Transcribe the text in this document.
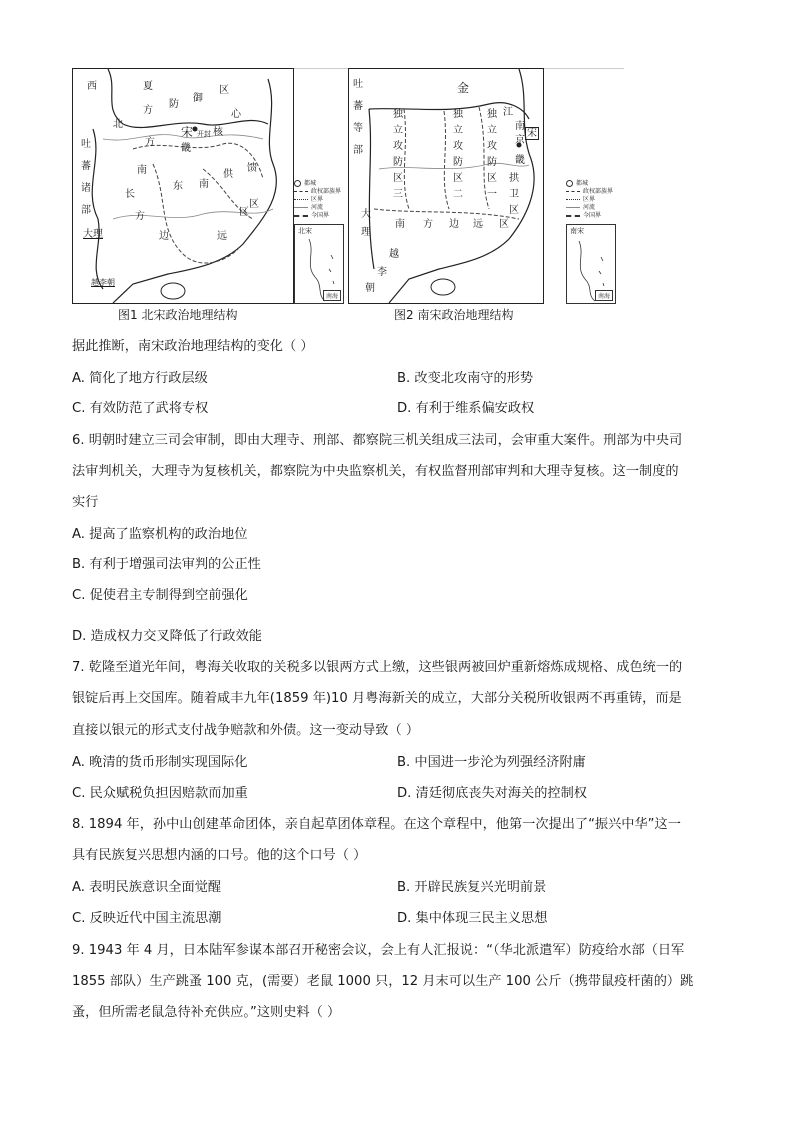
西	夏
方
防
御
区
北
宋 开封 核
心
方
畿
吐
蕃
诸
部
南
东 南
供
馈
区
长
方
边	远
区
大理
越李朝
都城
政权部族界
区界
河流
今国界
北宋
南海
图1 北宋政治地理结构
吐
蕃
等
部
金
独
立
攻
防
区
三
独
立
攻
防
区
二
独
立
攻
防
区
一
江
南
京
畿
拱
卫
区
宋
大
理
南 方 边 远 区
越
李
朝
都城
政权部族界
区界
河流
今国界
南宋
南海
图2 南宋政治地理结构
据此推断，南宋政治地理结构的变化（ ）
A. 简化了地方行政层级	B. 改变北攻南守的形势
C. 有效防范了武将专权	D. 有利于维系偏安政权
6. 明朝时建立三司会审制，即由大理寺、刑部、都察院三机关组成三法司，会审重大案件。刑部为中央司
法审判机关，大理寺为复核机关，都察院为中央监察机关，有权监督刑部审判和大理寺复核。这一制度的
实行
A. 提高了监察机构的政治地位
B. 有利于增强司法审判的公正性
C. 促使君主专制得到空前强化
D. 造成权力交叉降低了行政效能
7. 乾隆至道光年间，粤海关收取的关税多以银两方式上缴，这些银两被回炉重新熔炼成规格、成色统一的
银锭后再上交国库。随着咸丰九年(1859 年)10 月粤海新关的成立，大部分关税所收银两不再重铸，而是
直接以银元的形式支付战争赔款和外债。这一变动导致（ ）
A. 晚清的货币形制实现国际化	B. 中国进一步沦为列强经济附庸
C. 民众赋税负担因赔款而加重	D. 清廷彻底丧失对海关的控制权
8. 1894 年，孙中山创建革命团体，亲自起草团体章程。在这个章程中，他第一次提出了“振兴中华”这一
具有民族复兴思想内涵的口号。他的这个口号（ ）
A. 表明民族意识全面觉醒	B. 开辟民族复兴光明前景
C. 反映近代中国主流思潮	D. 集中体现三民主义思想
9. 1943 年 4 月，日本陆军参谋本部召开秘密会议，会上有人汇报说：“（华北派遣军）防疫给水部（日军
1855 部队）生产跳蚤 100 克，(需要）老鼠 1000 只，12 月末可以生产 100 公斤（携带鼠疫杆菌的）跳
蚤，但所需老鼠急待补充供应。”这则史料（ ）
